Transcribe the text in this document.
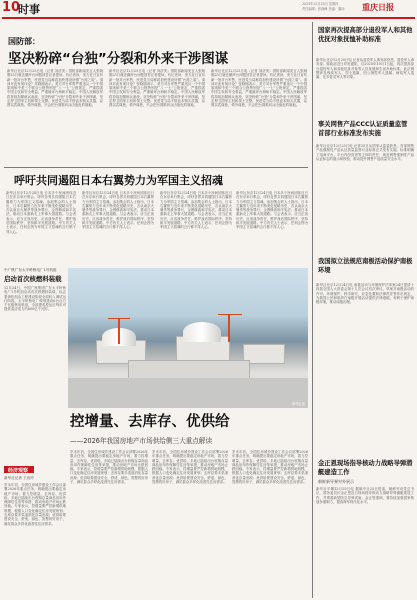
10
时事	2025年12月25日 星期四
责任编辑：张晓峰 美编：翼扬 重庆日报
国防部：
坚决粉碎“台独”分裂和外来干涉图谋
新华社北京12月25日电（记者 刘济美）国防部新闻发言人张晓刚25日就近期涉台问题回答记者提问。有记者问，美方近日宣布新一批对台军售，民进党当局称将加快建设所谓“台湾之盾”。请问对此有何评论？张晓刚表示，美方对台军售严重违反一个中国原则和中美三个联合公报特别是“八·一七”公报规定，严重损害中国主权和安全利益，严重破坏台海和平稳定。中国人民解放军将持续加紧练兵备战，坚决粉碎“台独”分裂和外来干涉图谋，坚定捍卫国家主权和领土完整。民进党当局不惜血本购买武器，妄图以武谋独、倚外谋独，只会把台湾推向兵凶战危的境地。
新华社北京12月25日电（记者 刘济美）国防部新闻发言人张晓刚25日就近期涉台问题回答记者提问。有记者问，美方近日宣布新一批对台军售，民进党当局称将加快建设所谓“台湾之盾”。请问对此有何评论？张晓刚表示，美方对台军售严重违反一个中国原则和中美三个联合公报特别是“八·一七”公报规定，严重损害中国主权和安全利益，严重破坏台海和平稳定。中国人民解放军将持续加紧练兵备战，坚决粉碎“台独”分裂和外来干涉图谋，坚定捍卫国家主权和领土完整。民进党当局不惜血本购买武器，妄图以武谋独、倚外谋独，只会把台湾推向兵凶战危的境地。
新华社北京12月25日电（记者 刘济美）国防部新闻发言人张晓刚25日就近期涉台问题回答记者提问。有记者问，美方近日宣布新一批对台军售，民进党当局称将加快建设所谓“台湾之盾”。请问对此有何评论？张晓刚表示，美方对台军售严重违反一个中国原则和中美三个联合公报特别是“八·一七”公报规定，严重损害中国主权和安全利益，严重破坏台海和平稳定。中国人民解放军将持续加紧练兵备战，坚决粉碎“台独”分裂和外来干涉图谋，坚定捍卫国家主权和领土完整。民进党当局不惜血本购买武器，妄图以武谋独、倚外谋独，只会把台湾推向兵凶战危的境地。
呼吁共同遏阻日本右翼势力为军国主义招魂
新华社东京12月24日电 日本多个民间团体近日在东京举行集会，呼吁各界共同遏阻日本右翼势力为军国主义招魂。参加集会的人士指出，日本右翼势力近年来不断美化侵略历史，否认南京大屠杀等战争罪行，企图修改和平宪法，推动日本重新走上军事大国道路。与会者表示，应当正视历史、反省战争责任，维护战后国际秩序，坚持和平发展道路。中方有关人士表示，任何企图为军国主义招魂的言行都不得人心。
新华社东京12月24日电 日本多个民间团体近日在东京举行集会，呼吁各界共同遏阻日本右翼势力为军国主义招魂。参加集会的人士指出，日本右翼势力近年来不断美化侵略历史，否认南京大屠杀等战争罪行，企图修改和平宪法，推动日本重新走上军事大国道路。与会者表示，应当正视历史、反省战争责任，维护战后国际秩序，坚持和平发展道路。中方有关人士表示，任何企图为军国主义招魂的言行都不得人心。
新华社东京12月24日电 日本多个民间团体近日在东京举行集会，呼吁各界共同遏阻日本右翼势力为军国主义招魂。参加集会的人士指出，日本右翼势力近年来不断美化侵略历史，否认南京大屠杀等战争罪行，企图修改和平宪法，推动日本重新走上军事大国道路。与会者表示，应当正视历史、反省战争责任，维护战后国际秩序，坚持和平发展道路。中方有关人士表示，任何企图为军国主义招魂的言行都不得人心。
新华社东京12月24日电 日本多个民间团体近日在东京举行集会，呼吁各界共同遏阻日本右翼势力为军国主义招魂。参加集会的人士指出，日本右翼势力近年来不断美化侵略历史，否认南京大屠杀等战争罪行，企图修改和平宪法，推动日本重新走上军事大国道路。与会者表示，应当正视历史、反省战争责任，维护战后国际秩序，坚持和平发展道路。中方有关人士表示，任何企图为军国主义招魂的言行都不得人心。
中广核广东太平岭核电厂1号机组
启动首次核燃料装载
12月24日，中国广核集团广东太平岭核电厂1号机组启动首次核燃料装载，标志着该机组由工程建设阶段全面转入调试运行阶段。太平岭核电厂规划建设6台百万千瓦级核电机组，全部建成投运后每年可提供清洁电力约600亿千瓦时。
新华社发
经济观察
新华社记者 王优玲
控增量、去库存、优供给
——2026年我国房地产市场供给侧三大重点解读
岁末年初，全国住房城乡建设工作会议部署2026年重点任务，明确提出要稳定房地产市场，着力控增量、去库存、优供给。多地已陆续出台收购存量商品房用作保障性住房等举措，推动房地产市场止跌回稳。专家表示，控增量要严控新增供地规模，根据人口变化确定住房发展规划；去库存要多渠道消化存量房源；优供给要建设安全、舒适、绿色、智慧的好房子，满足群众多样化改善性住房需求。
岁末年初，全国住房城乡建设工作会议部署2026年重点任务，明确提出要稳定房地产市场，着力控增量、去库存、优供给。多地已陆续出台收购存量商品房用作保障性住房等举措，推动房地产市场止跌回稳。专家表示，控增量要严控新增供地规模，根据人口变化确定住房发展规划；去库存要多渠道消化存量房源；优供给要建设安全、舒适、绿色、智慧的好房子，满足群众多样化改善性住房需求。
岁末年初，全国住房城乡建设工作会议部署2026年重点任务，明确提出要稳定房地产市场，着力控增量、去库存、优供给。多地已陆续出台收购存量商品房用作保障性住房等举措，推动房地产市场止跌回稳。专家表示，控增量要严控新增供地规模，根据人口变化确定住房发展规划；去库存要多渠道消化存量房源；优供给要建设安全、舒适、绿色、智慧的好房子，满足群众多样化改善性住房需求。
岁末年初，全国住房城乡建设工作会议部署2026年重点任务，明确提出要稳定房地产市场，着力控增量、去库存、优供给。多地已陆续出台收购存量商品房用作保障性住房等举措，推动房地产市场止跌回稳。专家表示，控增量要严控新增供地规模，根据人口变化确定住房发展规划；去库存要多渠道消化存量房源；优供给要建设安全、舒适、绿色、智慧的好房子，满足群众多样化改善性住房需求。
国家再次提高部分退役军人和其他优抚对象抚恤补助标准
新华社北京12月25日电 记者从退役军人事务部获悉，退役军人事务部、财政部近日印发通知，自2025年10月1日起，再次提高部分退役军人和其他优抚对象等人员抚恤和生活补助标准。此次调整涉及残疾军人、烈士遗属、因公牺牲军人遗属、病故军人遗属、在乡复员军人等对象。
事关网售产品CCC认证质量监管 首部行业标准发布实施
新华社北京12月25日电 记者25日从国家认监委获悉，首部网售产品强制性产品认证质量监管行业标准正式发布实施。标准明确了电商平台、平台内经营者等主体的责任，规范网售强制性产品认证标志的展示和核验，推动提升网售产品质量安全水平。
我国拟立法规范南极活动保护南极环境
新华社北京12月24日电 南极活动与环境保护法草案24日提请十四届全国人大常委会第十九次会议初次审议。草案对南极活动的许可、环境保护、科学研究、应急处置和法律责任等作出规定，为我国公民和组织在南极开展活动提供法律遵循，有利于保护南极环境，推动南极治理。
金正恩现场指导核动力战略导弹潜艇建造工作
朝鲜新导弹对外展示
新华社平壤12月25日电 据朝中社25日报道，朝鲜劳动党总书记、国务委员长金正恩近日现场指导核动力战略导弹潜艇建造工作，并观看新型防空导弹试射。金正恩强调，要持续加强国家核战争遏制力，提高海军现代化水平。
